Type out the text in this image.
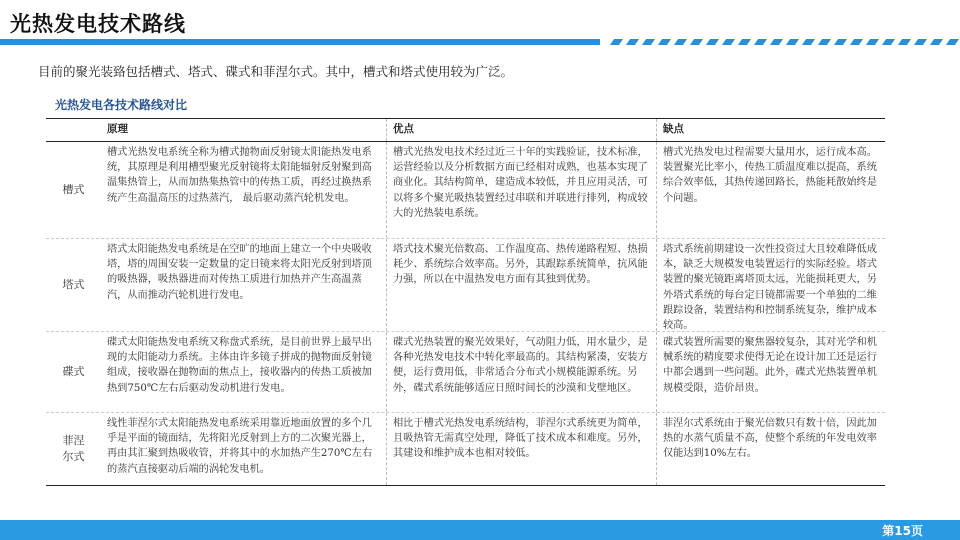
光热发电技术路线
目前的聚光装臵包括槽式、塔式、碟式和菲涅尔式。其中，槽式和塔式使用较为广泛。
光热发电各技术路线对比
原理	优点	缺点
槽式
槽式光热发电系统全称为槽式抛物面反射镜太阳能热发电系统，其原理是利用槽型聚光反射镜将太阳能辐射反射聚到高温集热管上，从而加热集热管中的传热工质，再经过换热系统产生高温高压的过热蒸汽， 最后驱动蒸汽轮机发电。
槽式光热发电技术经过近三十年的实践验证，技术标准，运营经验以及分析数据方面已经相对成熟，也基本实现了商业化。其结构简单，建造成本较低，并且应用灵活，可以将多个聚光吸热装置经过串联和并联进行排列，构成较大的光热装电系统。
槽式光热发电过程需要大量用水，运行成本高。装置聚光比率小，传热工质温度难以提高，系统综合效率低，其热传递回路长，热能耗散始终是个问题。
塔式
塔式太阳能热发电系统是在空旷的地面上建立一个中央吸收塔，塔的周围安装一定数量的定日镜来将太阳光反射到塔顶的吸热器，吸热器进而对传热工质进行加热并产生高温蒸汽，从而推动汽轮机进行发电。
塔式技术聚光倍数高、工作温度高、热传递路程短、热损耗少、系统综合效率高。另外，其跟踪系统简单，抗风能力强，所以在中温热发电方面有其独到优势。
塔式系统前期建设一次性投资过大且较难降低成本，缺乏大规模发电装置运行的实际经验。塔式装置的聚光镜距离塔顶太远，光能损耗更大，另外塔式系统的每台定日镜都需要一个单独的二维跟踪设备，装置结构和控制系统复杂，维护成本较高。
碟式
碟式太阳能热发电系统又称盘式系统，是目前世界上最早出现的太阳能动力系统。主体由许多镜子拼成的抛物面反射镜组成，接收器在抛物面的焦点上，接收器内的传热工质被加热到750℃左右后驱动发动机进行发电。
碟式光热装置的聚光效果好，气动阻力低，用水量少，是各种光热发电技术中转化率最高的。其结构紧凑，安装方便，运行费用低，非常适合分布式小规模能源系统。另外，碟式系统能够适应日照时间长的沙漠和戈壁地区。
碟式装置所需要的聚焦器较复杂，其对光学和机械系统的精度要求使得无论在设计加工还是运行中都会遇到一些问题。此外，碟式光热装置单机规模受限，造价昂贵。
菲涅尔式
线性菲涅尔式太阳能热发电系统采用靠近地面放置的多个几乎是平面的镜面结，先将阳光反射到上方的二次聚光器上，再由其汇聚到热吸收管，并将其中的水加热产生270℃左右的蒸汽直接驱动后端的涡轮发电机。
相比于槽式光热发电系统结构，菲涅尔式系统更为简单，且吸热管无需真空处理，降低了技术成本和难度。另外，其建设和维护成本也相对较低。
菲涅尔式系统由于聚光倍数只有数十倍，因此加热的水蒸气质量不高，使整个系统的年发电效率仅能达到10%左右。
第15页
